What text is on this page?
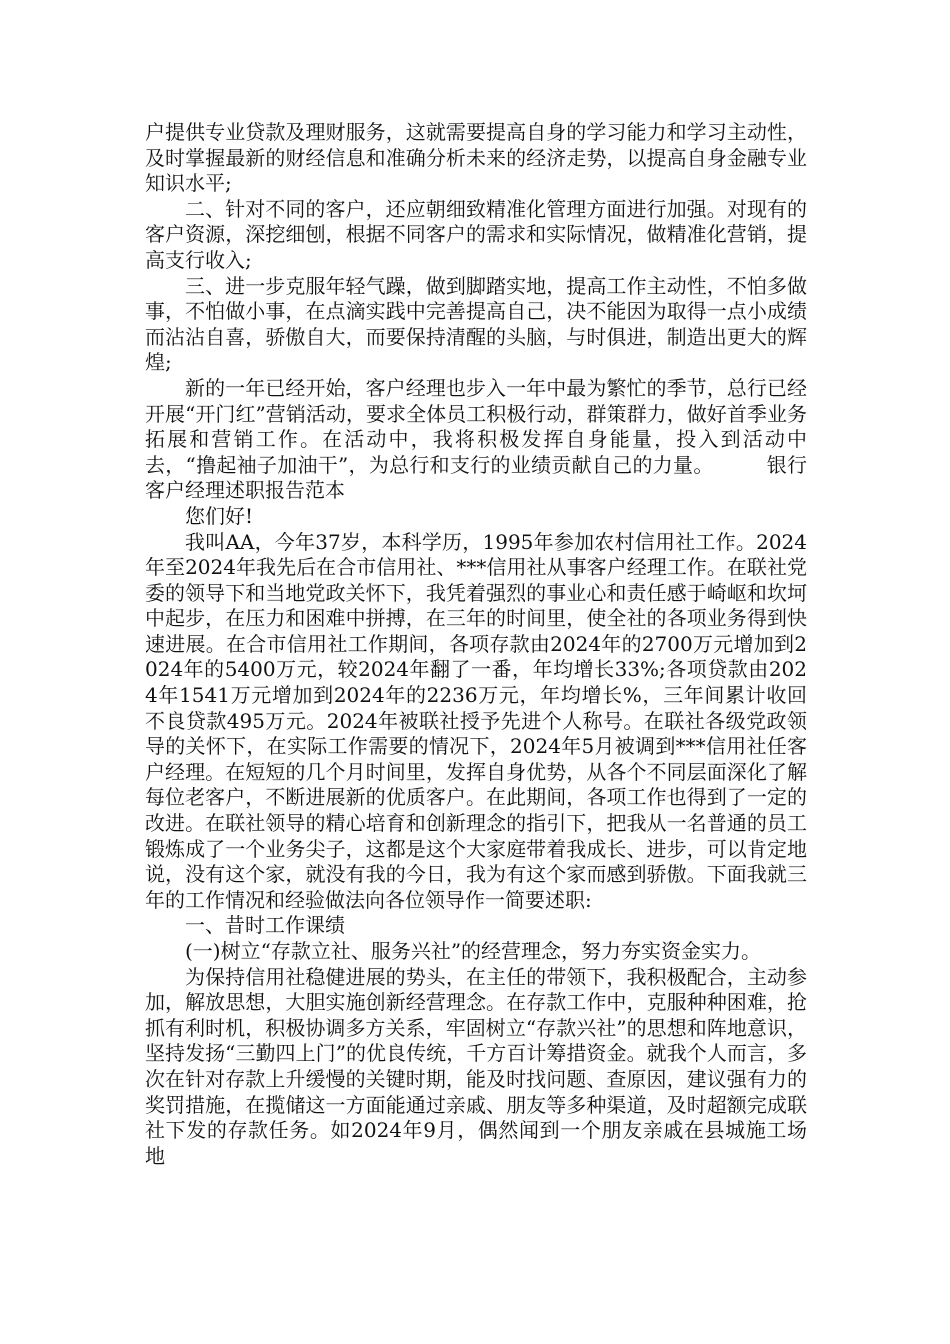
户提供专业贷款及理财服务，这就需要提高自身的学习能力和学习主动性，及时掌握最新的财经信息和准确分析未来的经济走势，以提高自身金融专业知识水平;

二、针对不同的客户，还应朝细致精准化管理方面进行加强。对现有的客户资源，深挖细刨，根据不同客户的需求和实际情况，做精准化营销，提高支行收入;

三、进一步克服年轻气躁，做到脚踏实地，提高工作主动性，不怕多做事，不怕做小事，在点滴实践中完善提高自己，决不能因为取得一点小成绩而沾沾自喜，骄傲自大，而要保持清醒的头脑，与时俱进，制造出更大的辉煌;

新的一年已经开始，客户经理也步入一年中最为繁忙的季节，总行已经开展“开门红”营销活动，要求全体员工积极行动，群策群力，做好首季业务拓展和营销工作。在活动中，我将积极发挥自身能量，投入到活动中去，“撸起袖子加油干”，为总行和支行的业绩贡献自己的力量。        银行客户经理述职报告范本

您们好!

我叫AA，今年37岁，本科学历，1995年参加农村信用社工作。2024年至2024年我先后在合市信用社、***信用社从事客户经理工作。在联社党委的领导下和当地党政关怀下，我凭着强烈的事业心和责任感于崎岖和坎坷中起步，在压力和困难中拼搏，在三年的时间里，使全社的各项业务得到快速进展。在合市信用社工作期间，各项存款由2024年的2700万元增加到2024年的5400万元，较2024年翻了一番，年均增长33%;各项贷款由2024年1541万元增加到2024年的2236万元，年均增长%，三年间累计收回不良贷款495万元。2024年被联社授予先进个人称号。在联社各级党政领导的关怀下，在实际工作需要的情况下，2024年5月被调到***信用社任客户经理。在短短的几个月时间里，发挥自身优势，从各个不同层面深化了解每位老客户，不断进展新的优质客户。在此期间，各项工作也得到了一定的改进。在联社领导的精心培育和创新理念的指引下，把我从一名普通的员工锻炼成了一个业务尖子，这都是这个大家庭带着我成长、进步，可以肯定地说，没有这个家，就没有我的今日，我为有这个家而感到骄傲。下面我就三年的工作情况和经验做法向各位领导作一简要述职:

一、昔时工作课绩

(一)树立“存款立社、服务兴社”的经营理念，努力夯实资金实力。

为保持信用社稳健进展的势头，在主任的带领下，我积极配合，主动参加，解放思想，大胆实施创新经营理念。在存款工作中，克服种种困难，抢抓有利时机，积极协调多方关系，牢固树立“存款兴社”的思想和阵地意识，坚持发扬“三勤四上门”的优良传统，千方百计筹措资金。就我个人而言，多次在针对存款上升缓慢的关键时期，能及时找问题、查原因，建议强有力的奖罚措施，在揽储这一方面能通过亲戚、朋友等多种渠道，及时超额完成联社下发的存款任务。如2024年9月，偶然闻到一个朋友亲戚在县城施工场地
